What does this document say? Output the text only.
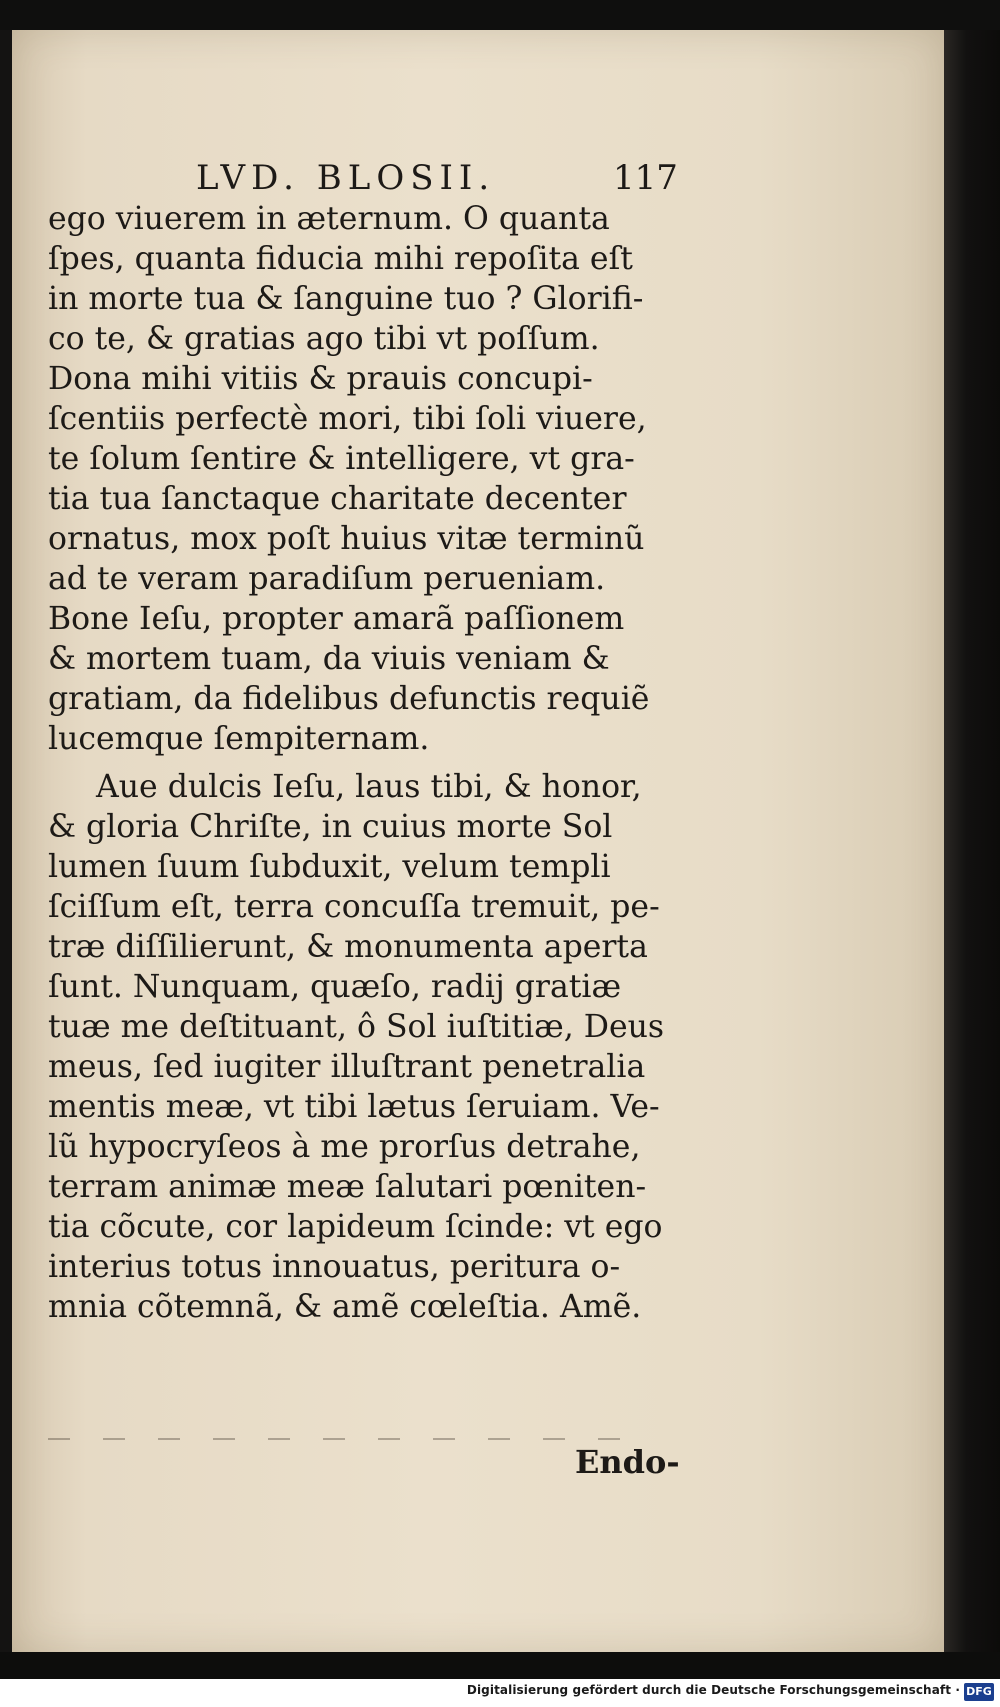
LVD. BLOSII.	117
ego viuerem in æternum. O quanta
ſpes, quanta fiducia mihi repoſita eſt
in morte tua & ſanguine tuo ? Glorifi-
co te, & gratias ago tibi vt poſſum.
Dona mihi vitiis & prauis concupi-
ſcentiis perfectè mori, tibi ſoli viuere,
te ſolum ſentire & intelligere, vt gra-
tia tua ſanctaque charitate decenter
ornatus, mox poſt huius vitæ terminũ
ad te veram paradiſum perueniam.
Bone Ieſu, propter amarã paſſionem
& mortem tuam, da viuis veniam &
gratiam, da fidelibus defunctis requiẽ
lucemque ſempiternam.
Aue dulcis Ieſu, laus tibi, & honor,
& gloria Chriſte, in cuius morte Sol
lumen ſuum ſubduxit, velum templi
ſciſſum eſt, terra concuſſa tremuit, pe-
træ diſſilierunt, & monumenta aperta
ſunt. Nunquam, quæſo, radij gratiæ
tuæ me deſtituant, ô Sol iuſtitiæ, Deus
meus, ſed iugiter illuſtrant penetralia
mentis meæ, vt tibi lætus ſeruiam. Ve-
lũ hypocryſeos à me prorſus detrahe,
terram animæ meæ ſalutari pœniten-
tia cõcute, cor lapideum ſcinde: vt ego
interius totus innouatus, peritura o-
mnia cõtemnã, & amẽ cœleſtia. Amẽ.
Endo-
Digitalisierung gefördert durch die Deutsche Forschungsgemeinschaft · DFG
